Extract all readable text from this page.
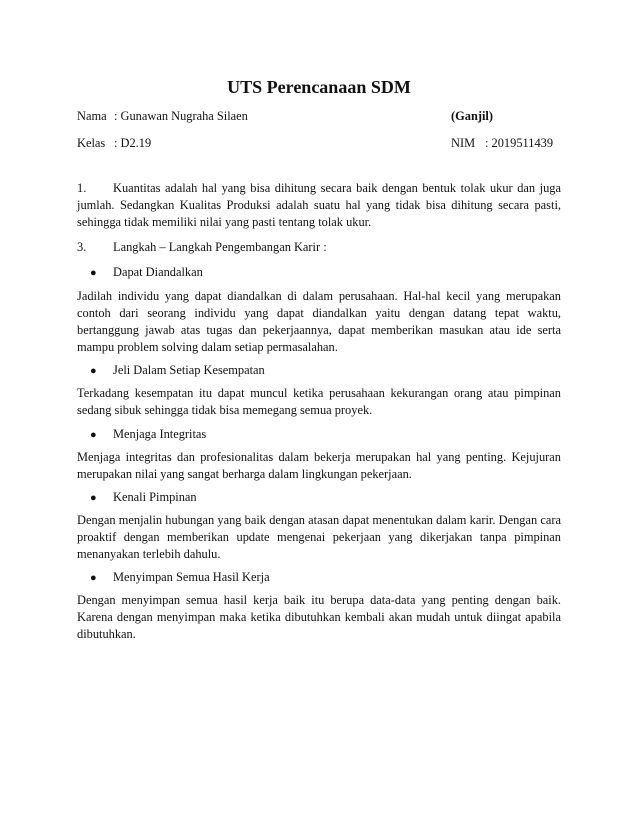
UTS Perencanaan SDM
Nama : Gunawan Nugraha Silaen	(Ganjil)
Kelas : D2.19	NIM : 2019511439
1. Kuantitas adalah hal yang bisa dihitung secara baik dengan bentuk tolak ukur dan juga
jumlah. Sedangkan Kualitas Produksi adalah suatu hal yang tidak bisa dihitung secara pasti, sehingga tidak memiliki nilai yang pasti tentang tolak ukur.
3. Langkah – Langkah Pengembangan Karir :
● Dapat Diandalkan
Jadilah individu yang dapat diandalkan di dalam perusahaan. Hal-hal kecil yang merupakan contoh dari seorang individu yang dapat diandalkan yaitu dengan datang tepat waktu, bertanggung jawab atas tugas dan pekerjaannya, dapat memberikan masukan atau ide serta mampu problem solving dalam setiap permasalahan.
● Jeli Dalam Setiap Kesempatan
Terkadang kesempatan itu dapat muncul ketika perusahaan kekurangan orang atau pimpinan sedang sibuk sehingga tidak bisa memegang semua proyek.
● Menjaga Integritas
Menjaga integritas dan profesionalitas dalam bekerja merupakan hal yang penting. Kejujuran merupakan nilai yang sangat berharga dalam lingkungan pekerjaan.
● Kenali Pimpinan
Dengan menjalin hubungan yang baik dengan atasan dapat menentukan dalam karir. Dengan cara proaktif dengan memberikan update mengenai pekerjaan yang dikerjakan tanpa pimpinan menanyakan terlebih dahulu.
● Menyimpan Semua Hasil Kerja
Dengan menyimpan semua hasil kerja baik itu berupa data-data yang penting dengan baik. Karena dengan menyimpan maka ketika dibutuhkan kembali akan mudah untuk diingat apabila dibutuhkan.
